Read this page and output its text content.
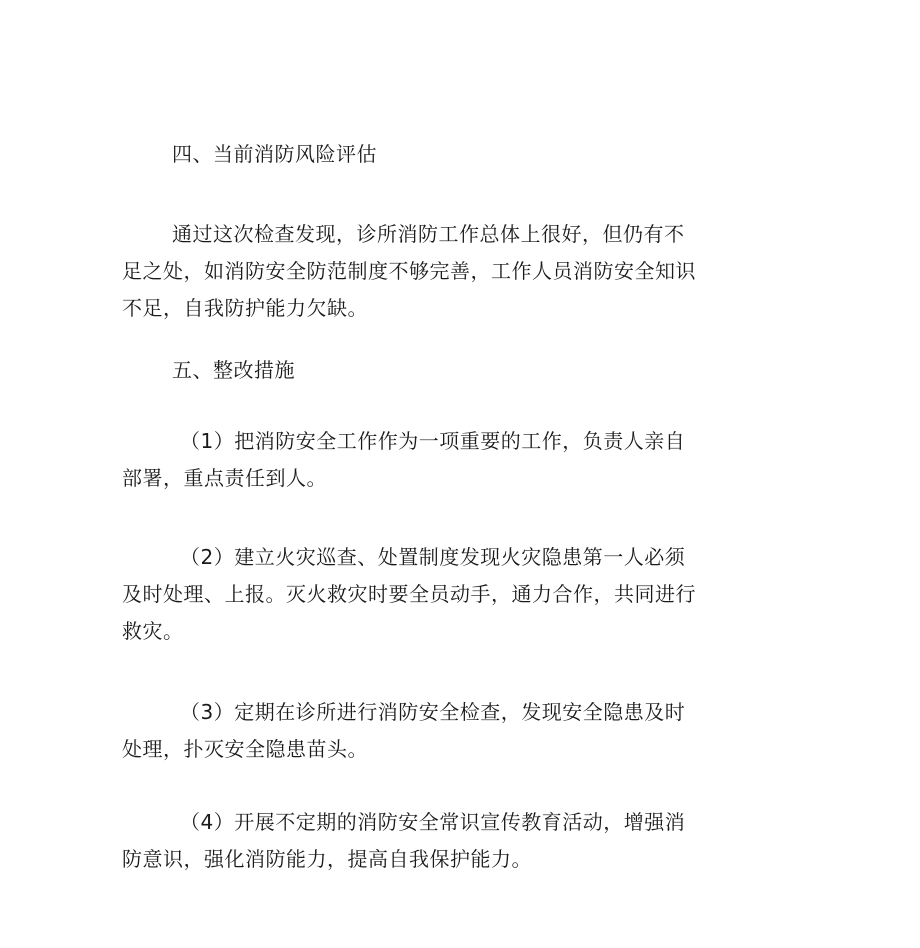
四、当前消防风险评估
通过这次检查发现，诊所消防工作总体上很好，但仍有不足之处，如消防安全防范制度不够完善，工作人员消防安全知识不足，自我防护能力欠缺。
五、整改措施
（1）把消防安全工作作为一项重要的工作，负责人亲自部署，重点责任到人。
（2）建立火灾巡查、处置制度发现火灾隐患第一人必须及时处理、上报。灭火救灾时要全员动手，通力合作，共同进行救灾。
（3）定期在诊所进行消防安全检查，发现安全隐患及时处理，扑灭安全隐患苗头。
（4）开展不定期的消防安全常识宣传教育活动，增强消防意识，强化消防能力，提高自我保护能力。
